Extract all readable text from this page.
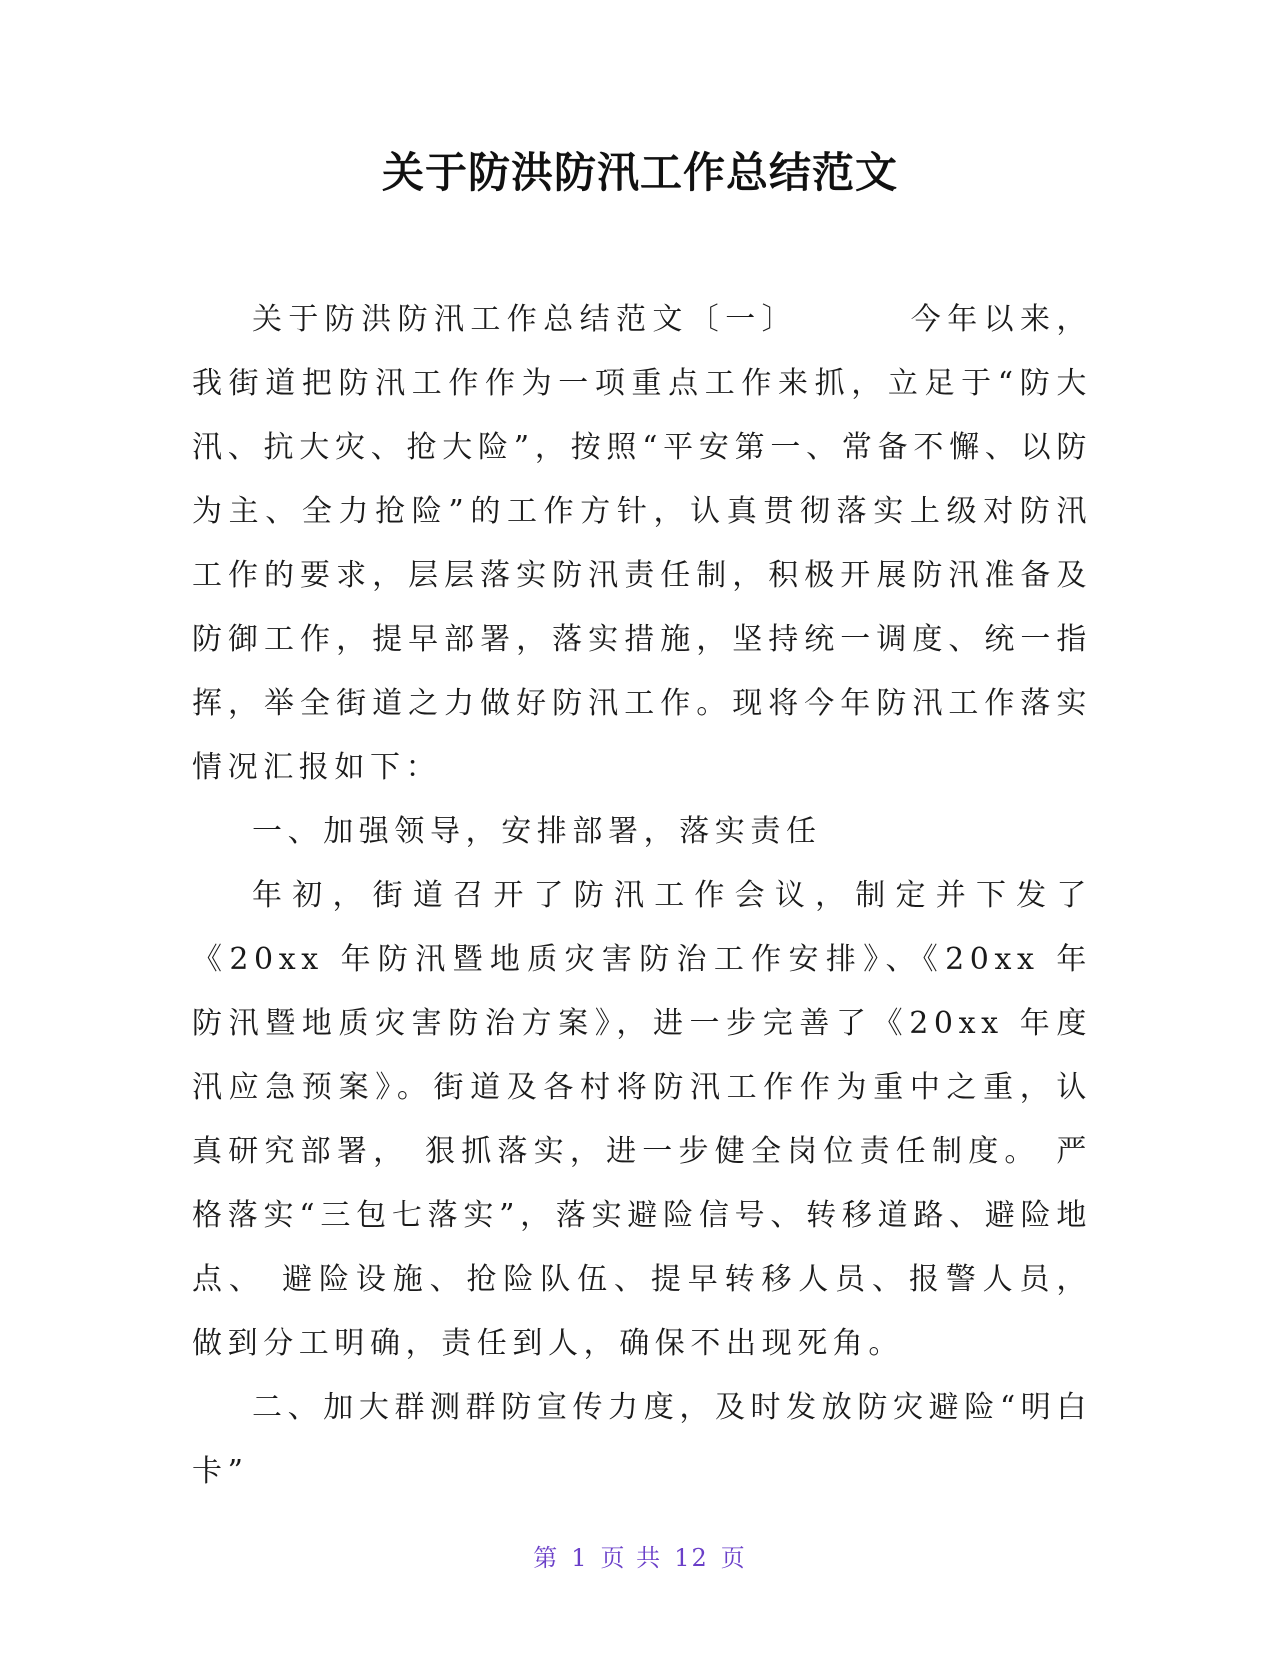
关于防洪防汛工作总结范文

关于防洪防汛工作总结范文〔一〕	今年以来，我街道把防汛工作作为一项重点工作来抓，立足于“防大汛、抗大灾、抢大险”，按照“平安第一、常备不懈、以防为主、全力抢险”的工作方针，认真贯彻落实上级对防汛工作的要求，层层落实防汛责任制，积极开展防汛准备及防御工作，提早部署，落实措施，坚持统一调度、统一指挥，举全街道之力做好防汛工作。现将今年防汛工作落实情况汇报如下：

一、加强领导，安排部署，落实责任

年初，街道召开了防汛工作会议，制定并下发了《20xx 年防汛暨地质灾害防治工作安排》、《20xx 年防汛暨地质灾害防治方案》，进一步完善了《20xx 年度汛应急预案》。街道及各村将防汛工作作为重中之重，认真研究部署， 狠抓落实，进一步健全岗位责任制度。 严格落实“三包七落实”，落实避险信号、转移道路、避险地点、 避险设施、抢险队伍、提早转移人员、报警人员，做到分工明确，责任到人，确保不出现死角。

二、加大群测群防宣传力度，及时发放防灾避险“明白卡”

第 1 页 共 12 页
